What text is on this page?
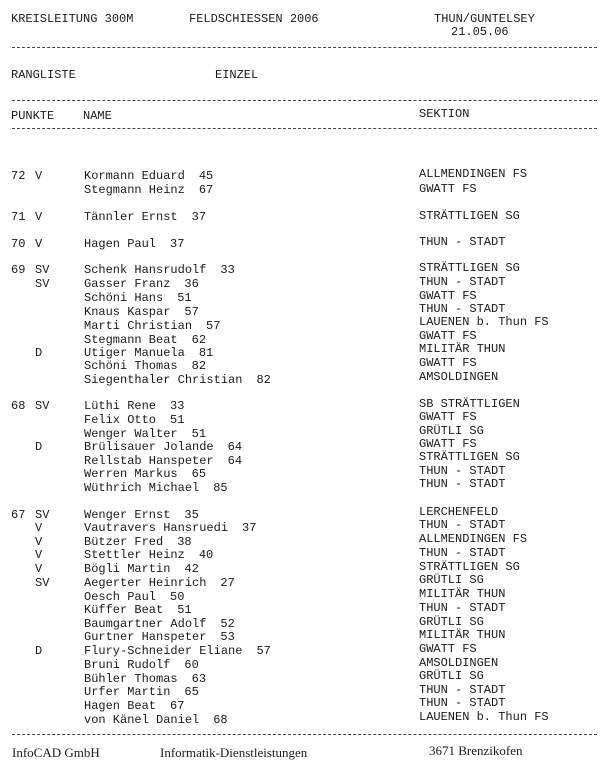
KREISLEITUNG 300M	FELDSCHIESSEN 2006	THUN/GUNTELSEY
21.05.06
RANGLISTE	EINZEL
PUNKTE NAME	SEKTION
72 V	Kormann Eduard 45	ALLMENDINGEN FS
Stegmann Heinz 67	GWATT FS
71 V	Tännler Ernst 37	STRÄTTLIGEN SG
70 V	Hagen Paul 37	THUN - STADT
69 SV	Schenk Hansrudolf 33	STRÄTTLIGEN SG
SV	Gasser Franz 36	THUN - STADT
Schöni Hans 51	GWATT FS
Knaus Kaspar 57	THUN - STADT
Marti Christian 57	LAUENEN b. Thun FS
Stegmann Beat 62	GWATT FS
D	Utiger Manuela 81	MILITÄR THUN
Schöni Thomas 82	GWATT FS
Siegenthaler Christian 82	AMSOLDINGEN
68 SV	Lüthi Rene 33	SB STRÄTTLIGEN
Felix Otto 51	GWATT FS
Wenger Walter 51	GRÜTLI SG
D	Brülisauer Jolande 64	GWATT FS
Rellstab Hanspeter 64	STRÄTTLIGEN SG
Werren Markus 65	THUN - STADT
Wüthrich Michael 85	THUN - STADT
67 SV	Wenger Ernst 35	LERCHENFELD
V	Vautravers Hansruedi 37	THUN - STADT
V	Bützer Fred 38	ALLMENDINGEN FS
V	Stettler Heinz 40	THUN - STADT
V	Bögli Martin 42	STRÄTTLIGEN SG
SV	Aegerter Heinrich 27	GRÜTLI SG
Oesch Paul 50	MILITÄR THUN
Küffer Beat 51	THUN - STADT
Baumgartner Adolf 52	GRÜTLI SG
Gurtner Hanspeter 53	MILITÄR THUN
D	Flury-Schneider Eliane 57	GWATT FS
Bruni Rudolf 60	AMSOLDINGEN
Bühler Thomas 63	GRÜTLI SG
Urfer Martin 65	THUN - STADT
Hagen Beat 67	THUN - STADT
von Känel Daniel 68	LAUENEN b. Thun FS
InfoCAD GmbH	Informatik-Dienstleistungen	3671 Brenzikofen
